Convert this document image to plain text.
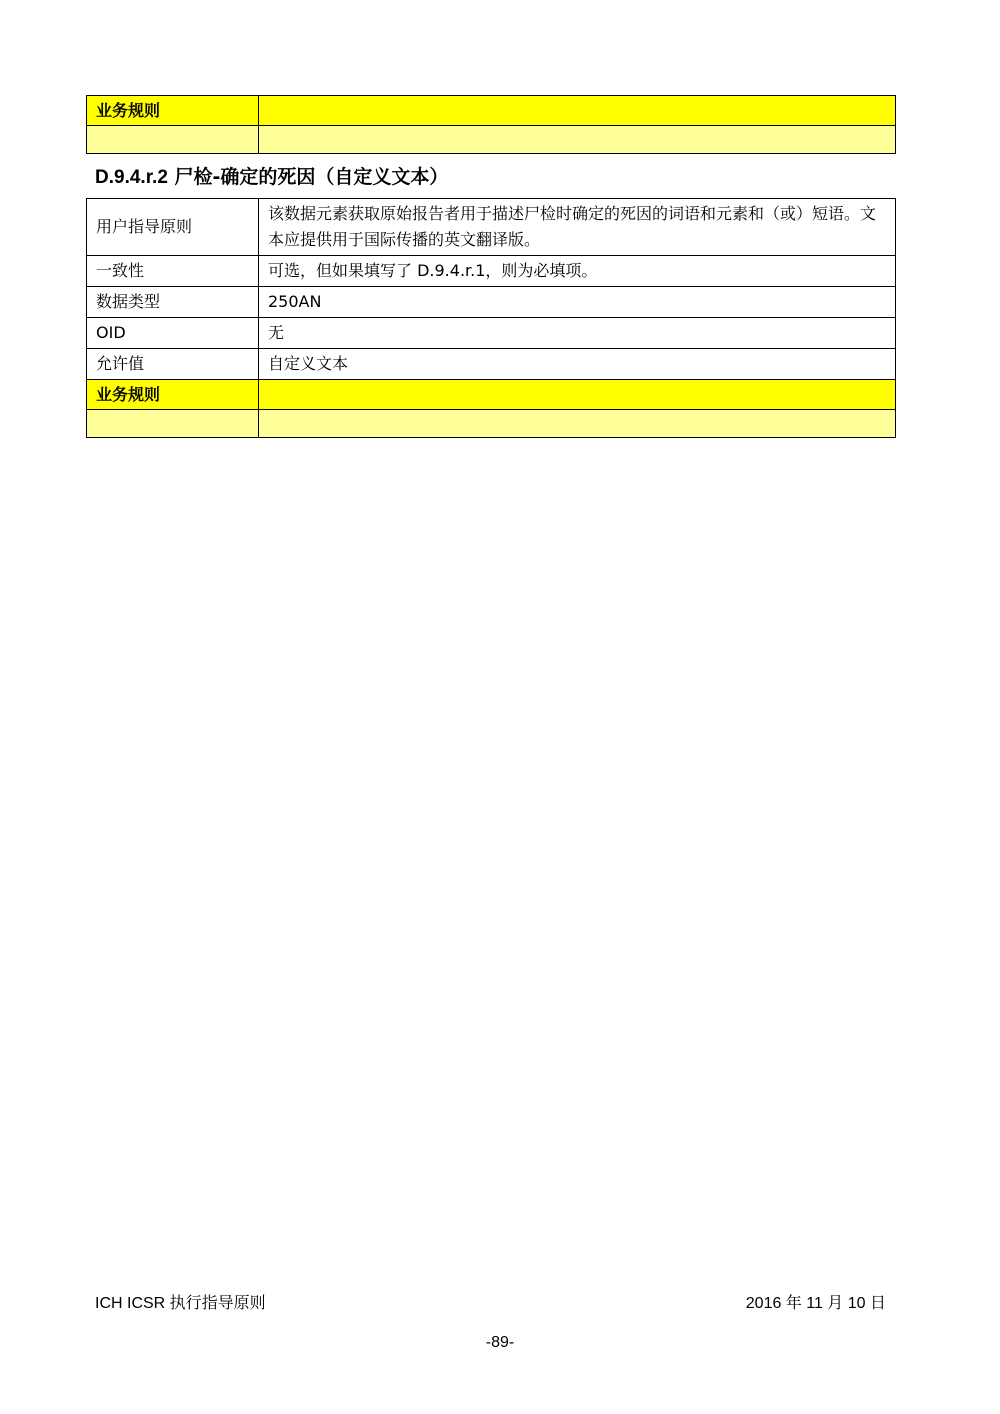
业务规则	

D.9.4.r.2 尸检-确定的死因（自定义文本）
用户指导原则	该数据元素获取原始报告者用于描述尸检时确定的死因的词语和元素和（或）短语。文本应提供用于国际传播的英文翻译版。
一致性	可选，但如果填写了 D.9.4.r.1，则为必填项。
数据类型	250AN
OID	无
允许值	自定义文本
业务规则	

ICH ICSR 执行指导原则	2016 年 11 月 10 日
-89-
